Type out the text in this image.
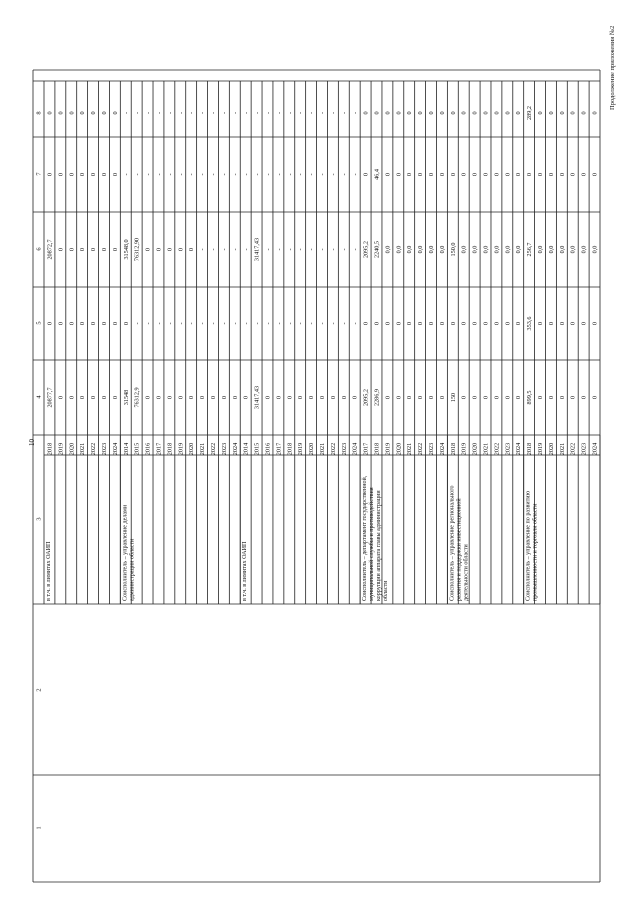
10
Продолжение приложения №2
1
2
3
4
5
6
7
8
2018
20877,7
0
20872,7
0
0
2019
0
0
0
0
0
2020
0
0
0
0
0
2021
0
0
0
0
0
2022
0
0
0
0
0
2023
0
0
0
0
0
2024
0
0
0
0
0
в т.ч. в лимитах ОАИП
2014
31548
0
31548,0
-
-
2015
76312,9
-
76312,90
-
-
2016
0
-
0
-
-
2017
0
-
0
-
-
2018
0
-
0
-
-
2019
0
-
0
-
-
2020
0
-
0
-
-
2021
0
-
-
-
-
2022
0
-
-
-
-
2023
0
-
-
-
-
2024
0
-
-
-
-
Соисполнитель – управление делами администрации области
2014
0
-
-
-
-
2015
31417,43
-
31417,43
-
-
2016
0
-
-
-
-
2017
0
-
-
-
-
2018
0
-
-
-
-
2019
0
-
-
-
-
2020
0
-
-
-
-
2021
0
-
-
-
-
2022
0
-
-
-
-
2023
0
-
-
-
-
2024
0
-
-
-
-
в т.ч. в лимитах ОАИП
2017
2095,2
0
2095,2
0
0
2018
2286,9
0
2240,5
46,4
0
2019
0
0
0,0
0
0
2020
0
0
0,0
0
0
2021
0
0
0,0
0
0
2022
0
0
0,0
0
0
2023
0
0
0,0
0
0
2024
0
0
0,0
0
0
Соисполнитель – департамент государственной, муниципальной службы и противодействия коррупции аппарата главы администрации области
2018
150
0
150,0
0
0
2019
0
0
0,0
0
0
2020
0
0
0,0
0
0
2021
0
0
0,0
0
0
2022
0
0
0,0
0
0
2023
0
0
0,0
0
0
2024
0
0
0,0
0
0
Соисполнитель – управление регионального развития и поддержки инвестиционной деятельности области
2018
899,5
353,6
256,7
0
289,2
2019
0
0
0,0
0
0
2020
0
0
0,0
0
0
2021
0
0
0,0
0
0
2022
0
0
0,0
0
0
2023
0
0
0,0
0
0
2024
0
0
0,0
0
0
Соисполнитель – управление по развитию промышленности и торговли области
